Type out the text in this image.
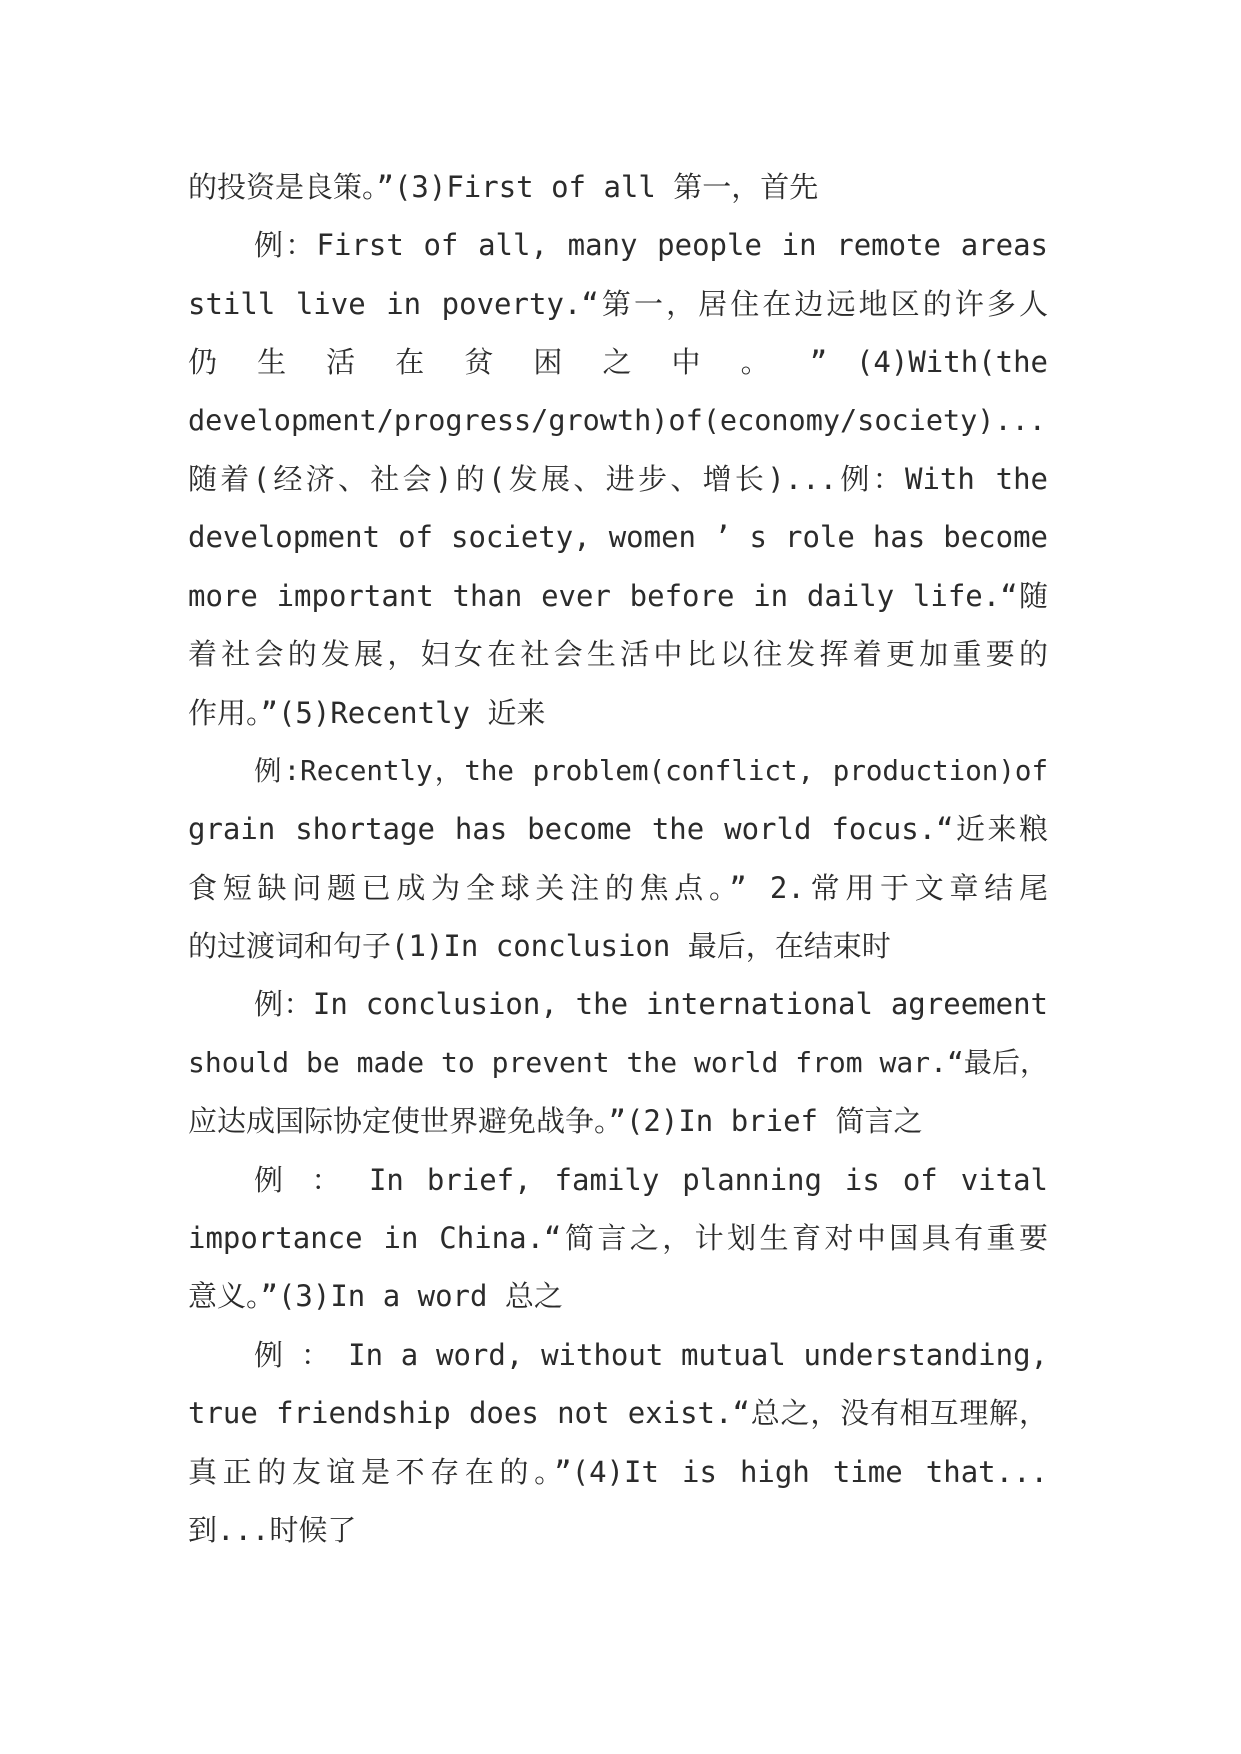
的投资是良策。”(3)First of all 第一，首先
例：First of all, many people in remote areas
still live in poverty.“第一，居住在边远地区的许多人
仍 生 活 在 贫 困 之 中 。 ” (4)With(the
development/progress/growth)of(economy/society)...
随着(经济、社会)的(发展、进步、增长)...例：With the
development of society, women ’ s role has become
more important than ever before in daily life.“随
着社会的发展，妇女在社会生活中比以往发挥着更加重要的
作用。”(5)Recently 近来
例:Recently，the problem(conflict, production)of
grain shortage has become the world focus.“近来粮
食短缺问题已成为全球关注的焦点。” 2.常用于文章结尾
的过渡词和句子(1)In conclusion 最后，在结束时
例：In conclusion, the international agreement
should be made to prevent the world from war.“最后，
应达成国际协定使世界避免战争。”(2)In brief 简言之
例 ： In brief, family planning is of vital
importance in China.“简言之，计划生育对中国具有重要
意义。”(3)In a word 总之
例 ： In a word, without mutual understanding,
true friendship does not exist.“总之，没有相互理解，
真正的友谊是不存在的。”(4)It is high time that...
到...时候了
